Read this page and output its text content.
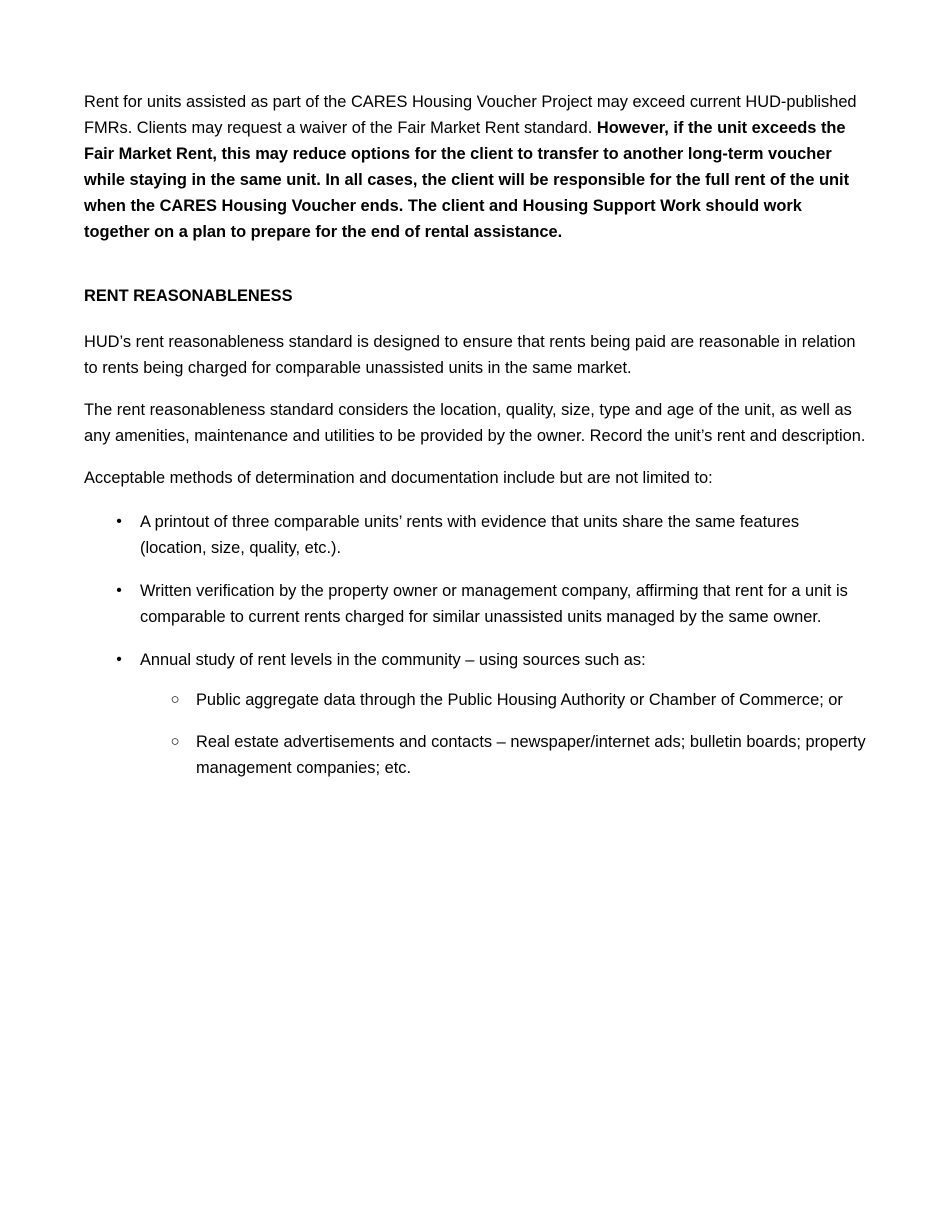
Rent for units assisted as part of the CARES Housing Voucher Project may exceed current HUD-published FMRs. Clients may request a waiver of the Fair Market Rent standard. However, if the unit exceeds the Fair Market Rent, this may reduce options for the client to transfer to another long-term voucher while staying in the same unit. In all cases, the client will be responsible for the full rent of the unit when the CARES Housing Voucher ends. The client and Housing Support Work should work together on a plan to prepare for the end of rental assistance.

RENT REASONABLENESS

HUD’s rent reasonableness standard is designed to ensure that rents being paid are reasonable in relation to rents being charged for comparable unassisted units in the same market.

The rent reasonableness standard considers the location, quality, size, type and age of the unit, as well as any amenities, maintenance and utilities to be provided by the owner. Record the unit’s rent and description.

Acceptable methods of determination and documentation include but are not limited to:

• A printout of three comparable units’ rents with evidence that units share the same features (location, size, quality, etc.).
• Written verification by the property owner or management company, affirming that rent for a unit is comparable to current rents charged for similar unassisted units managed by the same owner.
• Annual study of rent levels in the community – using sources such as:
○ Public aggregate data through the Public Housing Authority or Chamber of Commerce; or
○ Real estate advertisements and contacts – newspaper/internet ads; bulletin boards; property management companies; etc.
